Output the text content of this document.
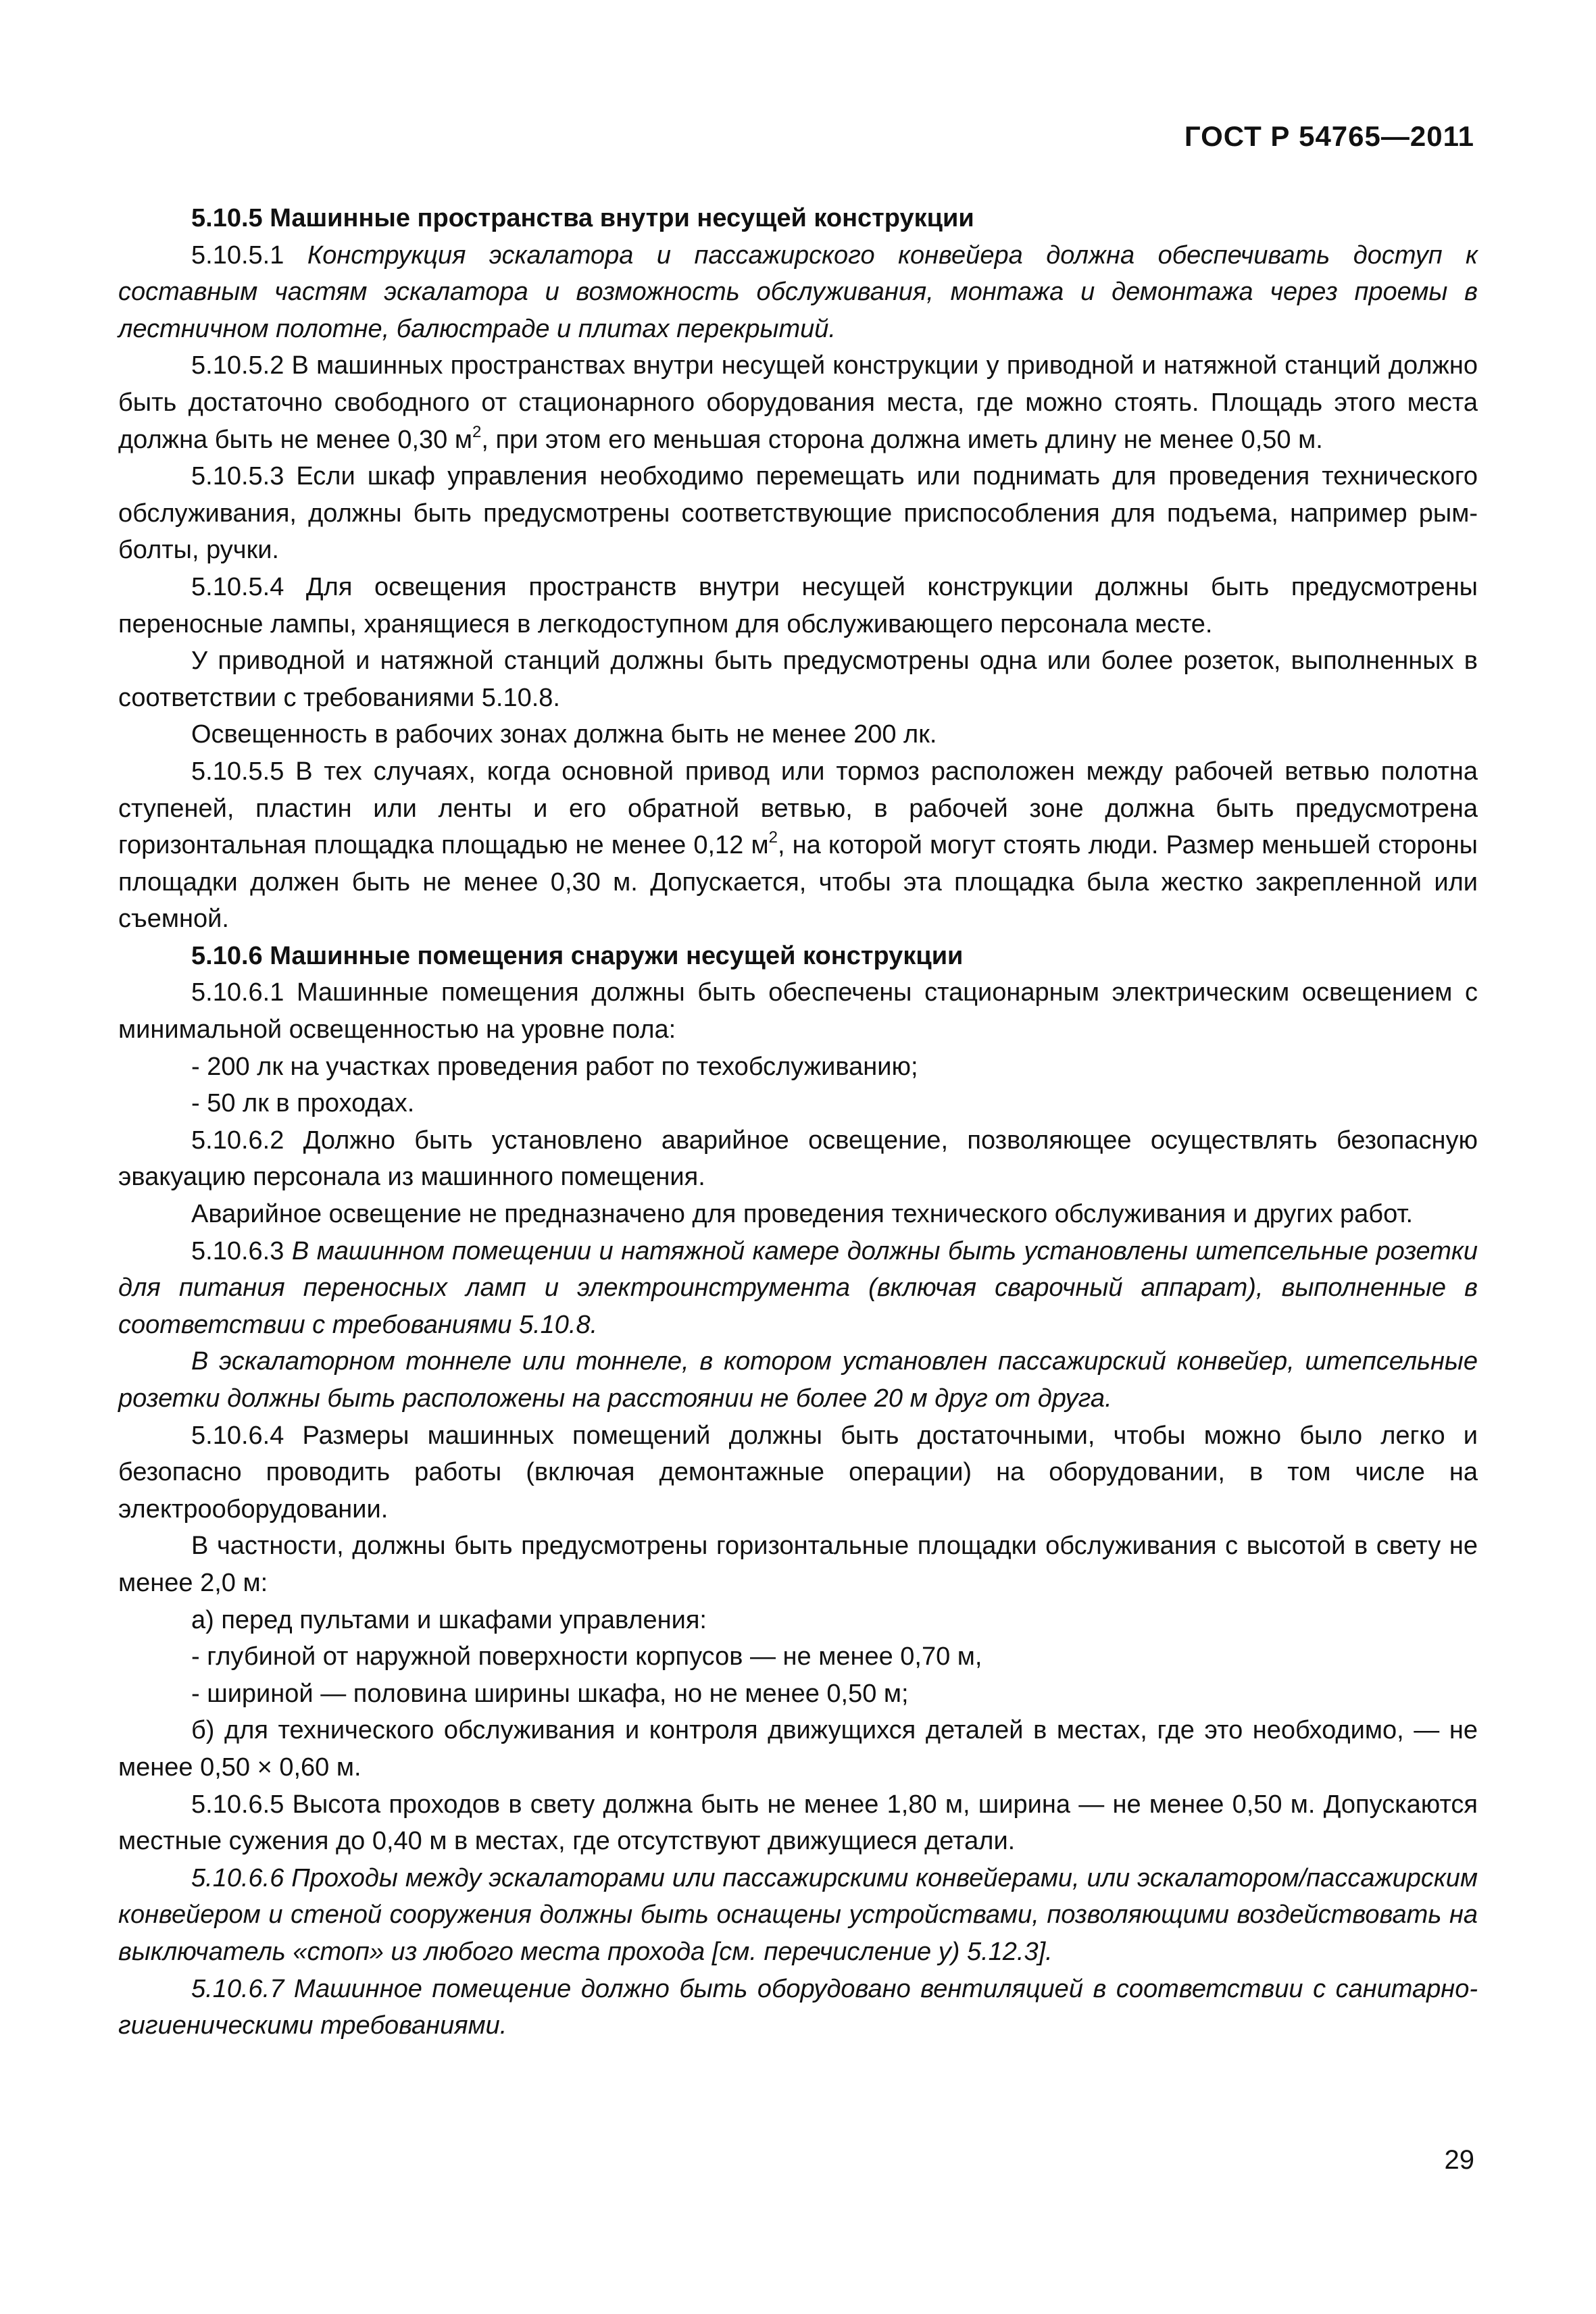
ГОСТ Р 54765—2011

5.10.5 Машинные пространства внутри несущей конструкции

5.10.5.1 Конструкция эскалатора и пассажирского конвейера должна обеспечивать доступ к составным частям эскалатора и возможность обслуживания, монтажа и демонтажа через проемы в лестничном полотне, балюстраде и плитах перекрытий.

5.10.5.2 В машинных пространствах внутри несущей конструкции у приводной и натяжной станций должно быть достаточно свободного от стационарного оборудования места, где можно стоять. Площадь этого места должна быть не менее 0,30 $м^2$, при этом его меньшая сторона должна иметь длину не менее 0,50 м.

5.10.5.3 Если шкаф управления необходимо перемещать или поднимать для проведения технического обслуживания, должны быть предусмотрены соответствующие приспособления для подъема, например рым-болты, ручки.

5.10.5.4 Для освещения пространств внутри несущей конструкции должны быть предусмотрены переносные лампы, хранящиеся в легкодоступном для обслуживающего персонала месте.

У приводной и натяжной станций должны быть предусмотрены одна или более розеток, выполненных в соответствии с требованиями 5.10.8.

Освещенность в рабочих зонах должна быть не менее 200 лк.

5.10.5.5 В тех случаях, когда основной привод или тормоз расположен между рабочей ветвью полотна ступеней, пластин или ленты и его обратной ветвью, в рабочей зоне должна быть предусмотрена горизонтальная площадка площадью не менее 0,12 $м^2$, на которой могут стоять люди. Размер меньшей стороны площадки должен быть не менее 0,30 м. Допускается, чтобы эта площадка была жестко закрепленной или съемной.

5.10.6 Машинные помещения снаружи несущей конструкции

5.10.6.1 Машинные помещения должны быть обеспечены стационарным электрическим освещением с минимальной освещенностью на уровне пола:

- 200 лк на участках проведения работ по техобслуживанию;

- 50 лк в проходах.

5.10.6.2 Должно быть установлено аварийное освещение, позволяющее осуществлять безопасную эвакуацию персонала из машинного помещения.

Аварийное освещение не предназначено для проведения технического обслуживания и других работ.

5.10.6.3 В машинном помещении и натяжной камере должны быть установлены штепсельные розетки для питания переносных ламп и электроинструмента (включая сварочный аппарат), выполненные в соответствии с требованиями 5.10.8.

В эскалаторном тоннеле или тоннеле, в котором установлен пассажирский конвейер, штепсельные розетки должны быть расположены на расстоянии не более 20 м друг от друга.

5.10.6.4 Размеры машинных помещений должны быть достаточными, чтобы можно было легко и безопасно проводить работы (включая демонтажные операции) на оборудовании, в том числе на электрооборудовании.

В частности, должны быть предусмотрены горизонтальные площадки обслуживания с высотой в свету не менее 2,0 м:

а) перед пультами и шкафами управления:

- глубиной от наружной поверхности корпусов — не менее 0,70 м,

- шириной — половина ширины шкафа, но не менее 0,50 м;

б) для технического обслуживания и контроля движущихся деталей в местах, где это необходимо, — не менее 0,50 × 0,60 м.

5.10.6.5 Высота проходов в свету должна быть не менее 1,80 м, ширина — не менее 0,50 м. Допускаются местные сужения до 0,40 м в местах, где отсутствуют движущиеся детали.

5.10.6.6 Проходы между эскалаторами или пассажирскими конвейерами, или эскалатором/пассажирским конвейером и стеной сооружения должны быть оснащены устройствами, позволяющими воздействовать на выключатель «стоп» из любого места прохода [см. перечисление у) 5.12.3].

5.10.6.7 Машинное помещение должно быть оборудовано вентиляцией в соответствии с санитарно-гигиеническими требованиями.

29
